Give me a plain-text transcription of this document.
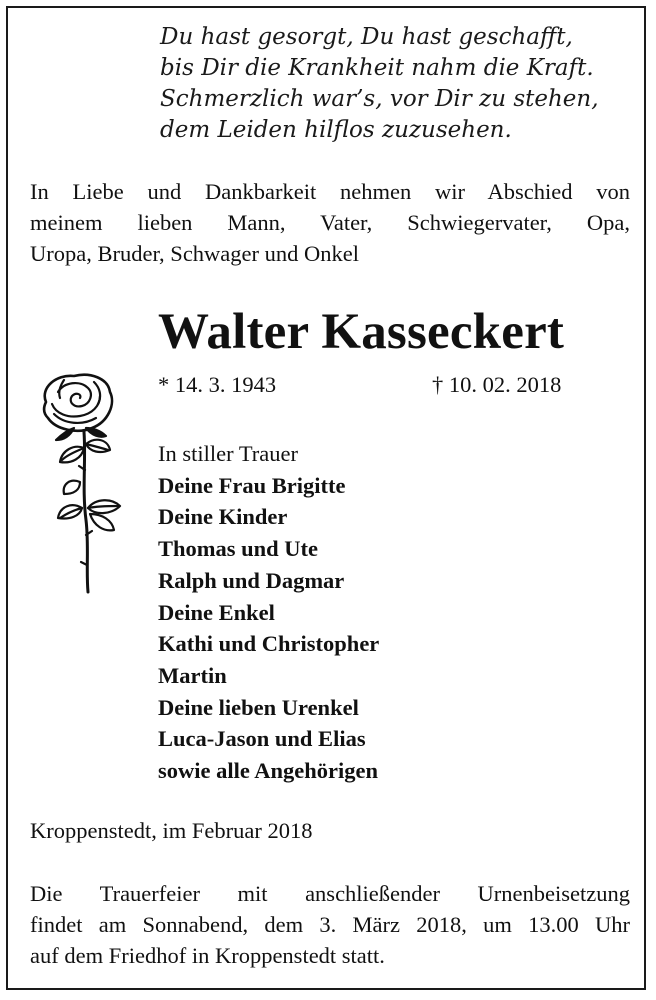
Du hast gesorgt, Du hast geschafft,
bis Dir die Krankheit nahm die Kraft.
Schmerzlich war’s, vor Dir zu stehen,
dem Leiden hilflos zuzusehen.
In Liebe und Dankbarkeit nehmen wir Abschied von
meinem lieben Mann, Vater, Schwiegervater, Opa,
Uropa, Bruder, Schwager und Onkel
Walter Kasseckert
* 14. 3. 1943	† 10. 02. 2018
In stiller Trauer
Deine Frau Brigitte
Deine Kinder
Thomas und Ute
Ralph und Dagmar
Deine Enkel
Kathi und Christopher
Martin
Deine lieben Urenkel
Luca-Jason und Elias
sowie alle Angehörigen
Kroppenstedt, im Februar 2018
Die Trauerfeier mit anschließender Urnenbeisetzung
findet am Sonnabend, dem 3. März 2018, um 13.00 Uhr
auf dem Friedhof in Kroppenstedt statt.
